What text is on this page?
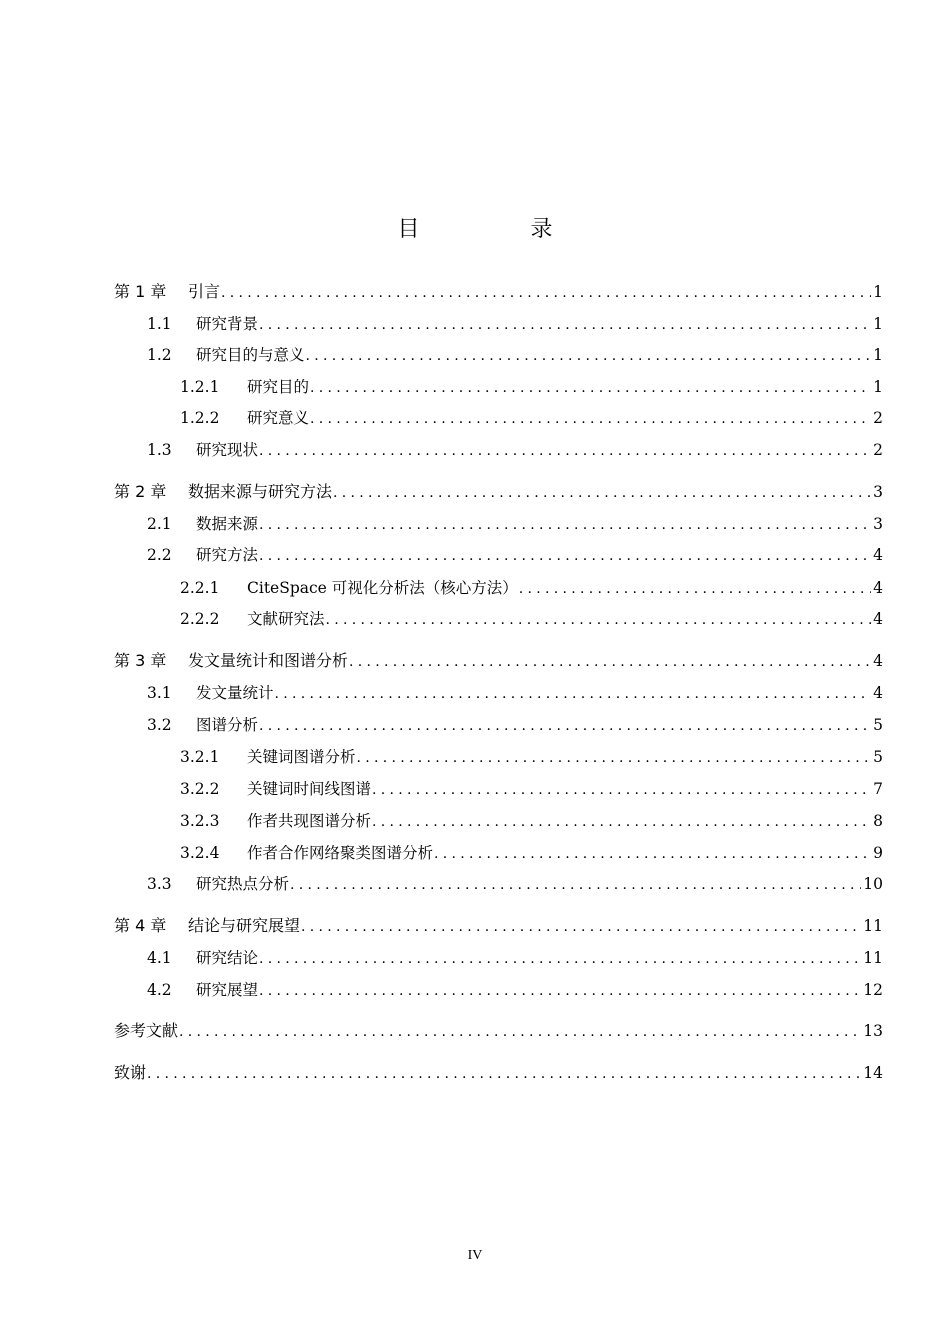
目 录
第 1 章	引言 .....	1
1.1	研究背景 .....	1
1.2	研究目的与意义 .....	1
1.2.1	研究目的 .....	1
1.2.2	研究意义 .....	2
1.3	研究现状 .....	2
第 2 章	数据来源与研究方法 .....	3
2.1	数据来源 .....	3
2.2	研究方法 .....	4
2.2.1	CiteSpace 可视化分析法（核心方法） .....	4
2.2.2	文献研究法 .....	4
第 3 章	发文量统计和图谱分析 .....	4
3.1	发文量统计 .....	4
3.2	图谱分析 .....	5
3.2.1	关键词图谱分析 .....	5
3.2.2	关键词时间线图谱 .....	7
3.2.3	作者共现图谱分析 .....	8
3.2.4	作者合作网络聚类图谱分析 .....	9
3.3	研究热点分析 .....	10
第 4 章	结论与研究展望 .....	11
4.1	研究结论 .....	11
4.2	研究展望 .....	12
参考文献 .....	13
致谢 .....	14
IV
